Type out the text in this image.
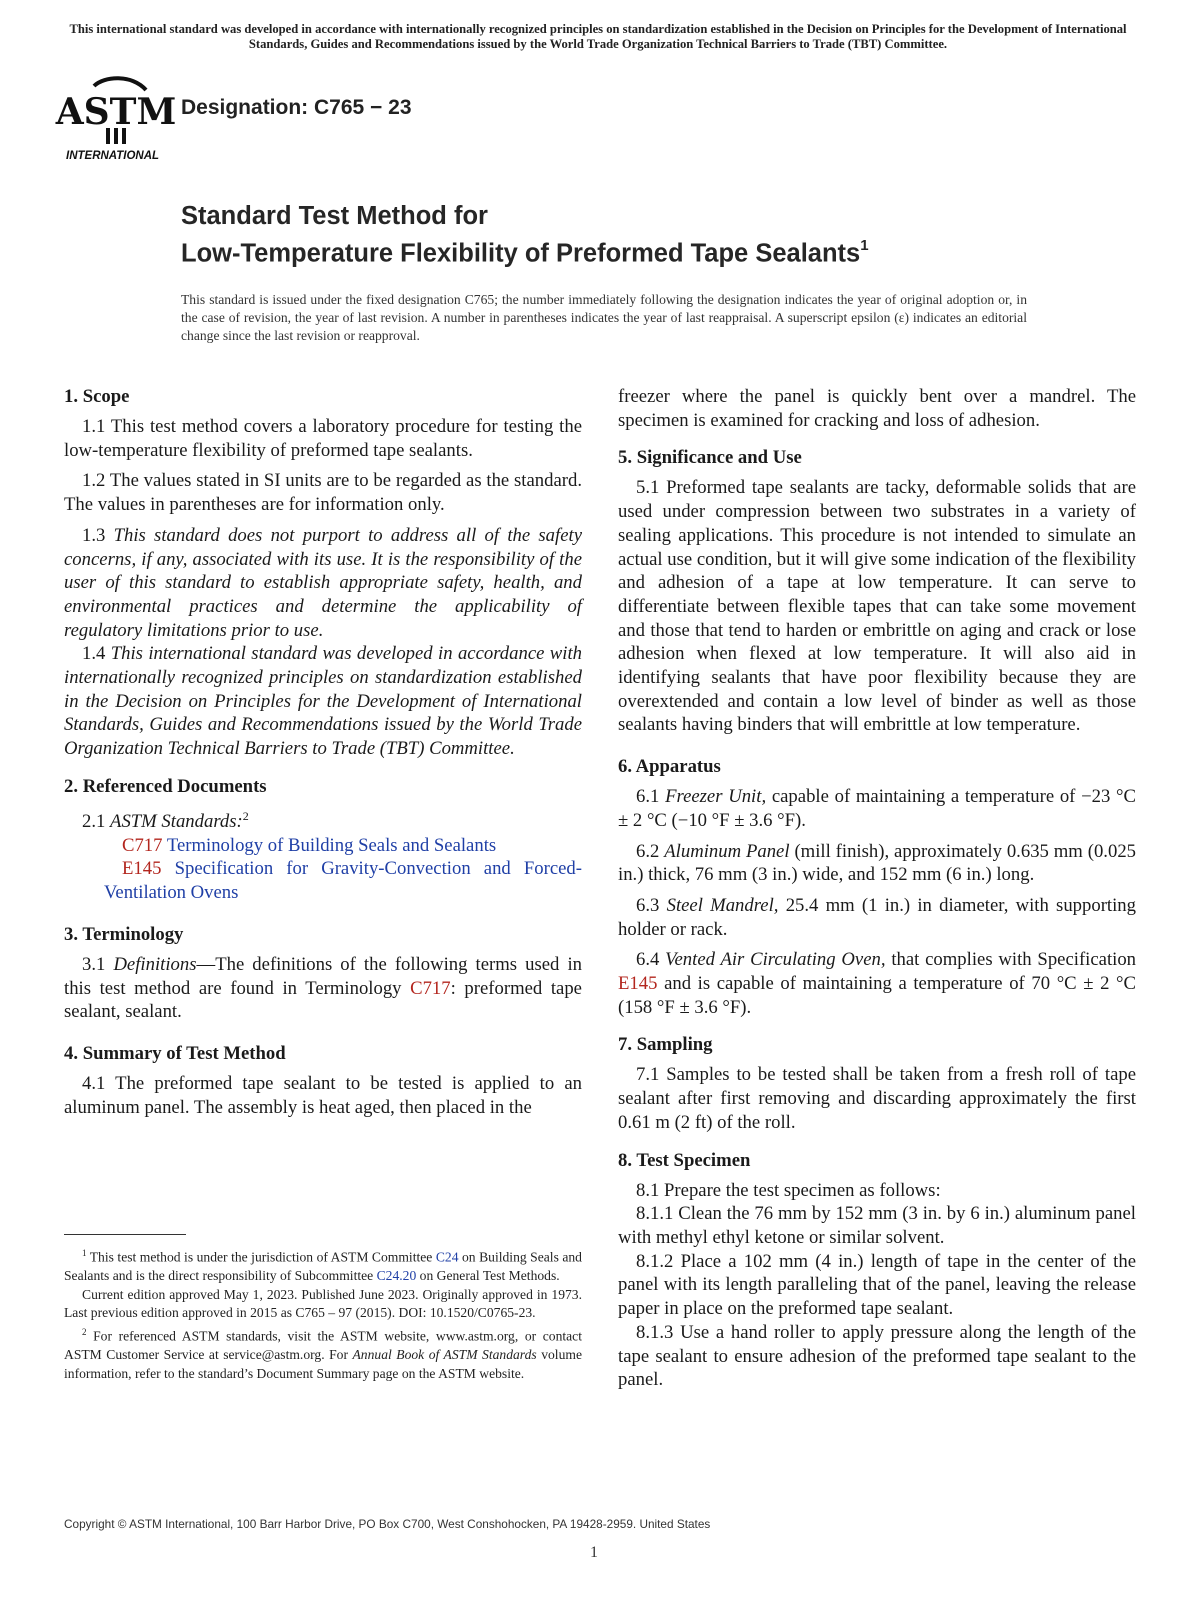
This international standard was developed in accordance with internationally recognized principles on standardization established in the Decision on Principles for the Development of International Standards, Guides and Recommendations issued by the World Trade Organization Technical Barriers to Trade (TBT) Committee.
ASTM
INTERNATIONAL
Designation: C765 − 23
Standard Test Method for
Low-Temperature Flexibility of Preformed Tape Sealants$^1$
This standard is issued under the fixed designation C765; the number immediately following the designation indicates the year of original adoption or, in the case of revision, the year of last revision. A number in parentheses indicates the year of last reappraisal. A superscript epsilon (ε) indicates an editorial change since the last revision or reapproval.
1. Scope

1.1 This test method covers a laboratory procedure for testing the low-temperature flexibility of preformed tape sealants.

1.2 The values stated in SI units are to be regarded as the standard. The values in parentheses are for information only.

1.3 This standard does not purport to address all of the safety concerns, if any, associated with its use. It is the responsibility of the user of this standard to establish appropriate safety, health, and environmental practices and determine the applicability of regulatory limitations prior to use.

1.4 This international standard was developed in accordance with internationally recognized principles on standardization established in the Decision on Principles for the Development of International Standards, Guides and Recommendations issued by the World Trade Organization Technical Barriers to Trade (TBT) Committee.

2. Referenced Documents

2.1 ASTM Standards:$^2$

C717 Terminology of Building Seals and Sealants

E145 Specification for Gravity-Convection and Forced-Ventilation Ovens

3. Terminology

3.1 Definitions—The definitions of the following terms used in this test method are found in Terminology C717: preformed tape sealant, sealant.

4. Summary of Test Method

4.1 The preformed tape sealant to be tested is applied to an aluminum panel. The assembly is heat aged, then placed in the

freezer where the panel is quickly bent over a mandrel. The specimen is examined for cracking and loss of adhesion.

5. Significance and Use

5.1 Preformed tape sealants are tacky, deformable solids that are used under compression between two substrates in a variety of sealing applications. This procedure is not intended to simulate an actual use condition, but it will give some indication of the flexibility and adhesion of a tape at low temperature. It can serve to differentiate between flexible tapes that can take some movement and those that tend to harden or embrittle on aging and crack or lose adhesion when flexed at low temperature. It will also aid in identifying sealants that have poor flexibility because they are overextended and contain a low level of binder as well as those sealants having binders that will embrittle at low temperature.

6. Apparatus

6.1 Freezer Unit, capable of maintaining a temperature of −23 °C ± 2 °C (−10 °F ± 3.6 °F).

6.2 Aluminum Panel (mill finish), approximately 0.635 mm (0.025 in.) thick, 76 mm (3 in.) wide, and 152 mm (6 in.) long.

6.3 Steel Mandrel, 25.4 mm (1 in.) in diameter, with supporting holder or rack.

6.4 Vented Air Circulating Oven, that complies with Specification E145 and is capable of maintaining a temperature of 70 °C ± 2 °C (158 °F ± 3.6 °F).

7. Sampling

7.1 Samples to be tested shall be taken from a fresh roll of tape sealant after first removing and discarding approximately the first 0.61 m (2 ft) of the roll.

8. Test Specimen

8.1 Prepare the test specimen as follows:

8.1.1 Clean the 76 mm by 152 mm (3 in. by 6 in.) aluminum panel with methyl ethyl ketone or similar solvent.

8.1.2 Place a 102 mm (4 in.) length of tape in the center of the panel with its length paralleling that of the panel, leaving the release paper in place on the preformed tape sealant.

8.1.3 Use a hand roller to apply pressure along the length of the tape sealant to ensure adhesion of the preformed tape sealant to the panel.

$^1$ This test method is under the jurisdiction of ASTM Committee C24 on Building Seals and Sealants and is the direct responsibility of Subcommittee C24.20 on General Test Methods.

Current edition approved May 1, 2023. Published June 2023. Originally approved in 1973. Last previous edition approved in 2015 as C765 – 97 (2015). DOI: 10.1520/C0765-23.

$^2$ For referenced ASTM standards, visit the ASTM website, www.astm.org, or contact ASTM Customer Service at service@astm.org. For Annual Book of ASTM Standards volume information, refer to the standard’s Document Summary page on the ASTM website.

Copyright © ASTM International, 100 Barr Harbor Drive, PO Box C700, West Conshohocken, PA 19428-2959. United States
1
